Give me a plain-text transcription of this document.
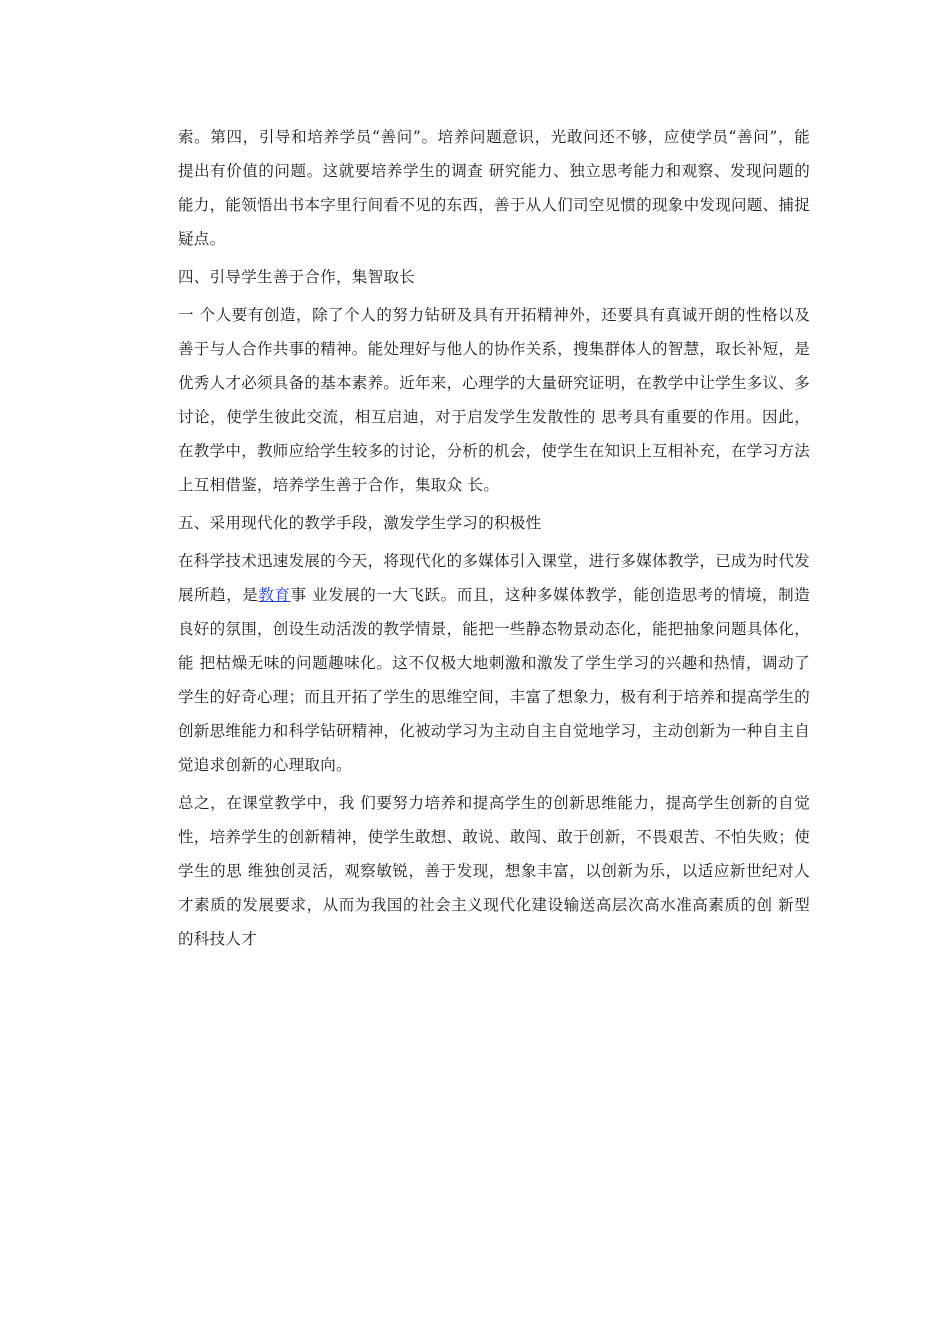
索。第四，引导和培养学员“善问”。培养问题意识，光敢问还不够，应使学员“善问”，能提出有价值的问题。这就要培养学生的调查 研究能力、独立思考能力和观察、发现问题的能力，能领悟出书本字里行间看不见的东西，善于从人们司空见惯的现象中发现问题、捕捉疑点。

四、引导学生善于合作，集智取长

一 个人要有创造，除了个人的努力钻研及具有开拓精神外，还要具有真诚开朗的性格以及善于与人合作共事的精神。能处理好与他人的协作关系，搜集群体人的智慧，取长补短，是优秀人才必须具备的基本素养。近年来，心理学的大量研究证明，在教学中让学生多议、多讨论，使学生彼此交流，相互启迪，对于启发学生发散性的 思考具有重要的作用。因此，在教学中，教师应给学生较多的讨论，分析的机会，使学生在知识上互相补充，在学习方法上互相借鉴，培养学生善于合作，集取众 长。

五、采用现代化的教学手段，激发学生学习的积极性

在科学技术迅速发展的今天，将现代化的多媒体引入课堂，进行多媒体教学，已成为时代发展所趋，是教育事 业发展的一大飞跃。而且，这种多媒体教学，能创造思考的情境，制造良好的氛围，创设生动活泼的教学情景，能把一些静态物景动态化，能把抽象问题具体化，能 把枯燥无味的问题趣味化。这不仅极大地刺激和激发了学生学习的兴趣和热情，调动了学生的好奇心理；而且开拓了学生的思维空间，丰富了想象力，极有利于培养和提高学生的创新思维能力和科学钻研精神，化被动学习为主动自主自觉地学习，主动创新为一种自主自觉追求创新的心理取向。

总之，在课堂教学中，我 们要努力培养和提高学生的创新思维能力，提高学生创新的自觉性，培养学生的创新精神，使学生敢想、敢说、敢闯、敢于创新，不畏艰苦、不怕失败；使学生的思 维独创灵活，观察敏锐，善于发现，想象丰富，以创新为乐，以适应新世纪对人才素质的发展要求，从而为我国的社会主义现代化建设输送高层次高水准高素质的创 新型的科技人才
